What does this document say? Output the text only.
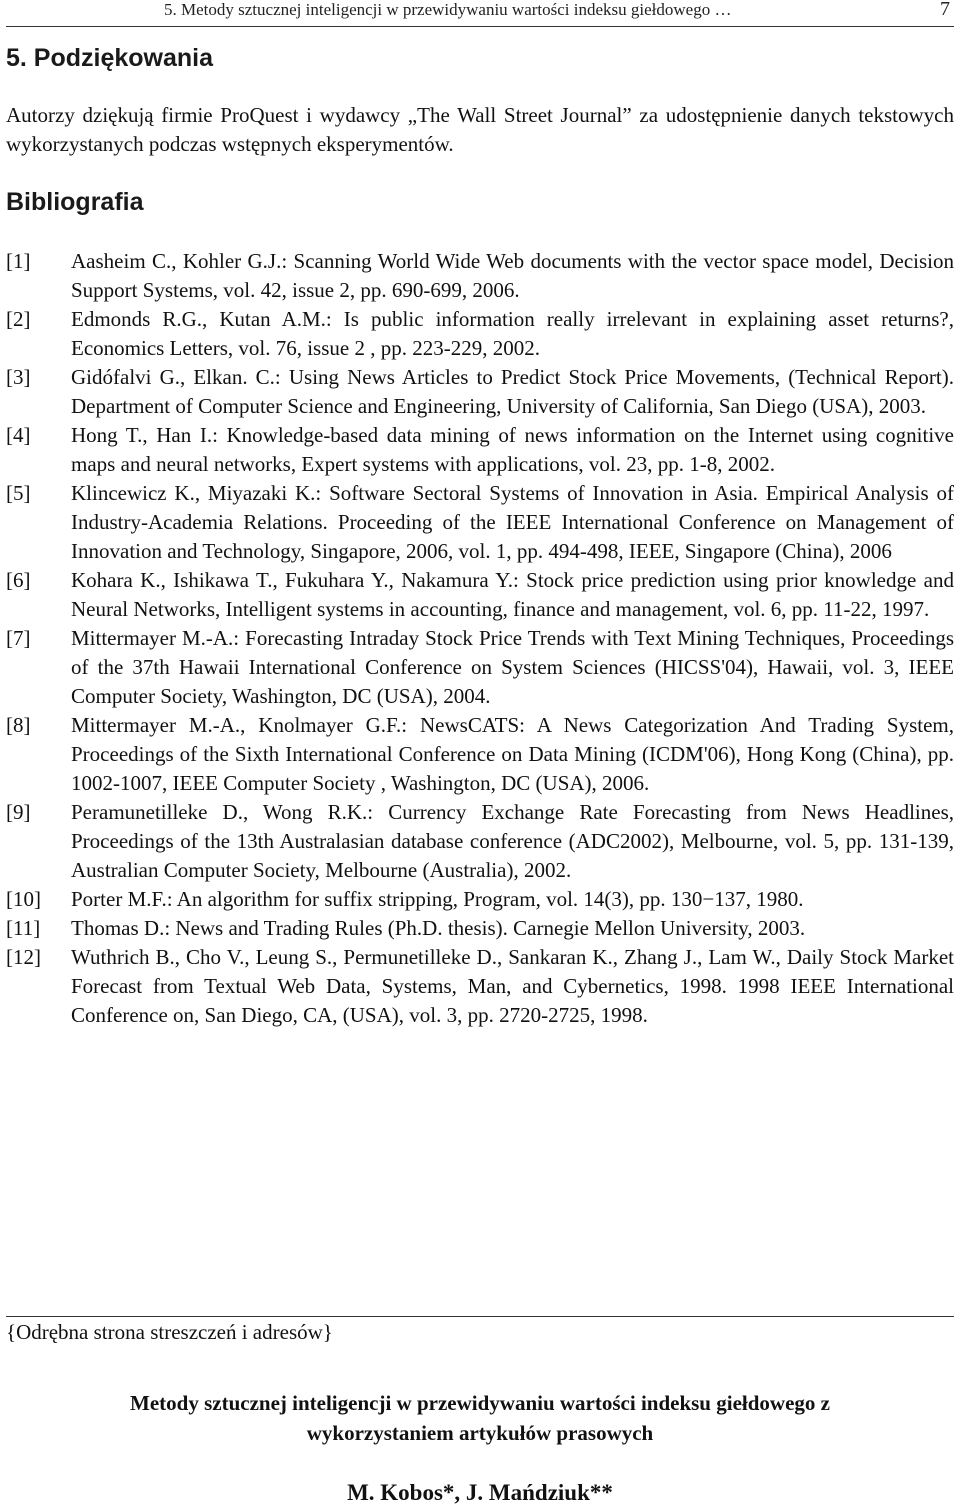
5. Metody sztucznej inteligencji w przewidywaniu wartości indeksu giełdowego …	7
5. Podziękowania
Autorzy dziękują firmie ProQuest i wydawcy „The Wall Street Journal” za udostępnienie danych tekstowych wykorzystanych podczas wstępnych eksperymentów.
Bibliografia
[1] Aasheim C., Kohler G.J.: Scanning World Wide Web documents with the vector space model, Decision Support Systems, vol. 42, issue 2, pp. 690-699, 2006.
[2] Edmonds R.G., Kutan A.M.: Is public information really irrelevant in explaining asset returns?, Economics Letters, vol. 76, issue 2 , pp. 223-229, 2002.
[3] Gidófalvi G., Elkan. C.: Using News Articles to Predict Stock Price Movements, (Technical Report). Department of Computer Science and Engineering, University of California, San Diego (USA), 2003.
[4] Hong T., Han I.: Knowledge-based data mining of news information on the Internet using cognitive maps and neural networks, Expert systems with applications, vol. 23, pp. 1-8, 2002.
[5] Klincewicz K., Miyazaki K.: Software Sectoral Systems of Innovation in Asia. Empirical Analysis of Industry-Academia Relations. Proceeding of the IEEE International Conference on Management of Innovation and Technology, Singapore, 2006, vol. 1, pp. 494-498, IEEE, Singapore (China), 2006
[6] Kohara K., Ishikawa T., Fukuhara Y., Nakamura Y.: Stock price prediction using prior knowledge and Neural Networks, Intelligent systems in accounting, finance and management, vol. 6, pp. 11-22, 1997.
[7] Mittermayer M.-A.: Forecasting Intraday Stock Price Trends with Text Mining Techniques, Proceedings of the 37th Hawaii International Conference on System Sciences (HICSS'04), Hawaii, vol. 3, IEEE Computer Society, Washington, DC (USA), 2004.
[8] Mittermayer M.-A., Knolmayer G.F.: NewsCATS: A News Categorization And Trading System, Proceedings of the Sixth International Conference on Data Mining (ICDM'06), Hong Kong (China), pp. 1002-1007, IEEE Computer Society , Washington, DC (USA), 2006.
[9] Peramunetilleke D., Wong R.K.: Currency Exchange Rate Forecasting from News Headlines, Proceedings of the 13th Australasian database conference (ADC2002), Melbourne, vol. 5, pp. 131-139, Australian Computer Society, Melbourne (Australia), 2002.
[10] Porter M.F.: An algorithm for suffix stripping, Program, vol. 14(3), pp. 130−137, 1980.
[11] Thomas D.: News and Trading Rules (Ph.D. thesis). Carnegie Mellon University, 2003.
[12] Wuthrich B., Cho V., Leung S., Permunetilleke D., Sankaran K., Zhang J., Lam W., Daily Stock Market Forecast from Textual Web Data, Systems, Man, and Cybernetics, 1998. 1998 IEEE International Conference on, San Diego, CA, (USA), vol. 3, pp. 2720-2725, 1998.
{Odrębna strona streszczeń i adresów}
Metody sztucznej inteligencji w przewidywaniu wartości indeksu giełdowego z
wykorzystaniem artykułów prasowych
M. Kobos*, J. Mańdziuk**
